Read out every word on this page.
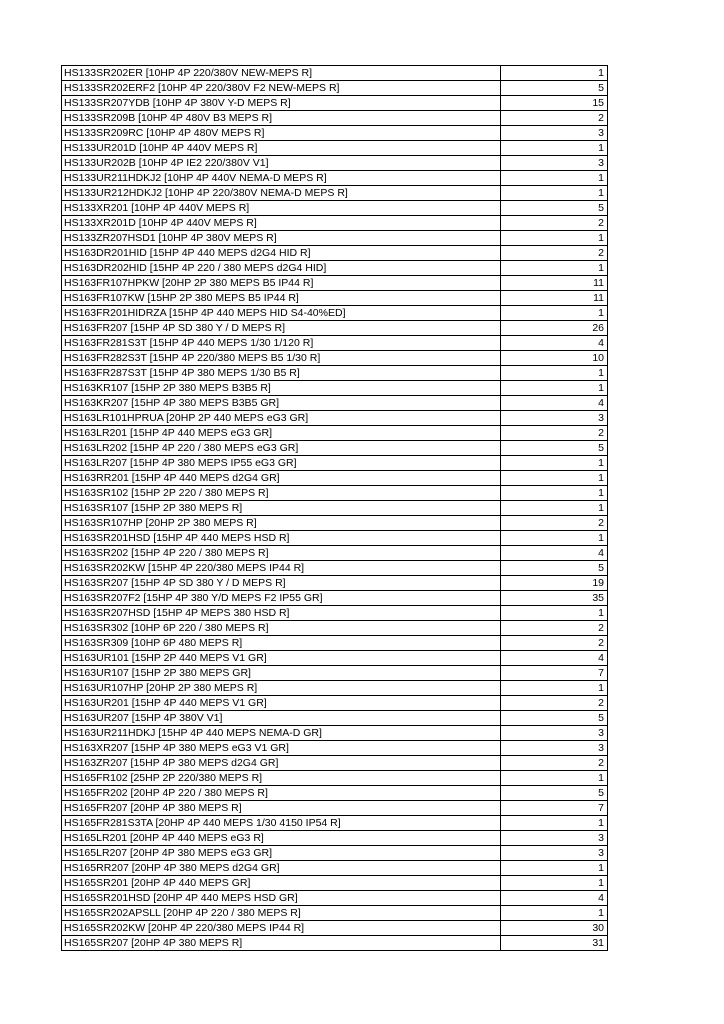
HS133SR202ER [10HP 4P 220/380V NEW-MEPS R]	1
HS133SR202ERF2 [10HP 4P 220/380V F2 NEW-MEPS R]	5
HS133SR207YDB [10HP 4P 380V Y-D MEPS R]	15
HS133SR209B [10HP 4P 480V B3 MEPS R]	2
HS133SR209RC [10HP 4P 480V MEPS R]	3
HS133UR201D [10HP 4P 440V MEPS R]	1
HS133UR202B [10HP 4P IE2 220/380V V1]	3
HS133UR211HDKJ2 [10HP 4P 440V NEMA-D MEPS R]	1
HS133UR212HDKJ2 [10HP 4P 220/380V NEMA-D MEPS R]	1
HS133XR201 [10HP 4P 440V MEPS R]	5
HS133XR201D [10HP 4P 440V MEPS R]	2
HS133ZR207HSD1 [10HP 4P 380V MEPS R]	1
HS163DR201HID [15HP 4P 440 MEPS d2G4 HID R]	2
HS163DR202HID [15HP 4P 220 / 380 MEPS d2G4 HID]	1
HS163FR107HPKW [20HP 2P 380 MEPS B5 IP44 R]	11
HS163FR107KW [15HP 2P 380 MEPS B5 IP44 R]	11
HS163FR201HIDRZA [15HP 4P 440 MEPS HID S4-40%ED]	1
HS163FR207 [15HP 4P SD 380 Y / D MEPS R]	26
HS163FR281S3T [15HP 4P 440 MEPS 1/30 1/120 R]	4
HS163FR282S3T [15HP 4P 220/380 MEPS B5 1/30 R]	10
HS163FR287S3T [15HP 4P 380 MEPS 1/30 B5 R]	1
HS163KR107 [15HP 2P 380 MEPS B3B5 R]	1
HS163KR207 [15HP 4P 380 MEPS B3B5 GR]	4
HS163LR101HPRUA [20HP 2P 440 MEPS eG3 GR]	3
HS163LR201 [15HP 4P 440 MEPS eG3 GR]	2
HS163LR202 [15HP 4P 220 / 380 MEPS eG3 GR]	5
HS163LR207 [15HP 4P 380 MEPS IP55 eG3 GR]	1
HS163RR201 [15HP 4P 440 MEPS d2G4 GR]	1
HS163SR102 [15HP 2P 220 / 380 MEPS R]	1
HS163SR107 [15HP 2P 380 MEPS R]	1
HS163SR107HP [20HP 2P 380 MEPS R]	2
HS163SR201HSD [15HP 4P 440 MEPS HSD R]	1
HS163SR202 [15HP 4P 220 / 380 MEPS R]	4
HS163SR202KW [15HP 4P 220/380 MEPS IP44 R]	5
HS163SR207 [15HP 4P SD 380 Y / D MEPS R]	19
HS163SR207F2 [15HP 4P 380 Y/D MEPS F2 IP55 GR]	35
HS163SR207HSD [15HP 4P MEPS 380 HSD R]	1
HS163SR302 [10HP 6P 220 / 380 MEPS R]	2
HS163SR309 [10HP 6P 480 MEPS R]	2
HS163UR101 [15HP 2P 440 MEPS V1 GR]	4
HS163UR107 [15HP 2P 380 MEPS GR]	7
HS163UR107HP [20HP 2P 380 MEPS R]	1
HS163UR201 [15HP 4P 440 MEPS V1 GR]	2
HS163UR207 [15HP 4P 380V V1]	5
HS163UR211HDKJ [15HP 4P 440 MEPS NEMA-D GR]	3
HS163XR207 [15HP 4P 380 MEPS eG3 V1 GR]	3
HS163ZR207 [15HP 4P 380 MEPS d2G4 GR]	2
HS165FR102 [25HP 2P 220/380 MEPS R]	1
HS165FR202 [20HP 4P 220 / 380 MEPS R]	5
HS165FR207 [20HP 4P 380 MEPS R]	7
HS165FR281S3TA [20HP 4P 440 MEPS 1/30 4150 IP54 R]	1
HS165LR201 [20HP 4P 440 MEPS eG3 R]	3
HS165LR207 [20HP 4P 380 MEPS eG3 GR]	3
HS165RR207 [20HP 4P 380 MEPS d2G4 GR]	1
HS165SR201 [20HP 4P 440 MEPS GR]	1
HS165SR201HSD [20HP 4P 440 MEPS HSD GR]	4
HS165SR202APSLL [20HP 4P 220 / 380 MEPS R]	1
HS165SR202KW [20HP 4P 220/380 MEPS IP44 R]	30
HS165SR207 [20HP 4P 380 MEPS R]	31
